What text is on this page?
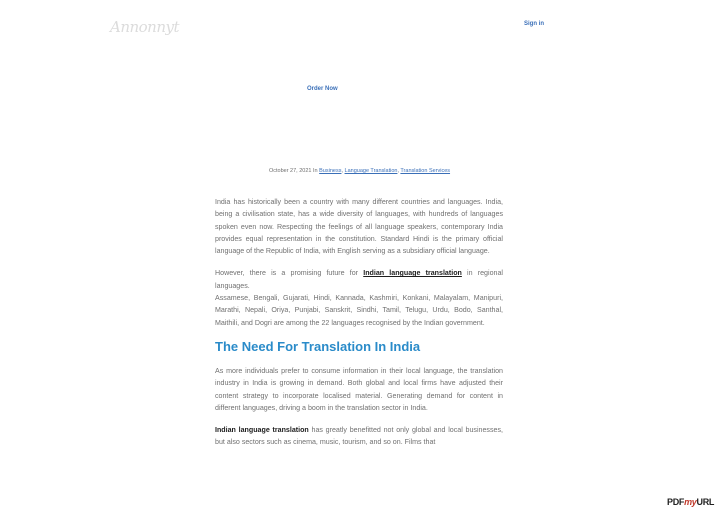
Annonnyt	Sign in
Order Now
October 27, 2021 In Business, Language Translation, Translation Services

India has historically been a country with many different countries and languages. India, being a civilisation state, has a wide diversity of languages, with hundreds of languages spoken even now. Respecting the feelings of all language speakers, contemporary India provides equal representation in the constitution. Standard Hindi is the primary official language of the Republic of India, with English serving as a subsidiary official language.

However, there is a promising future for Indian language translation in regional languages.

Assamese, Bengali, Gujarati, Hindi, Kannada, Kashmiri, Konkani, Malayalam, Manipuri, Marathi, Nepali, Oriya, Punjabi, Sanskrit, Sindhi, Tamil, Telugu, Urdu, Bodo, Santhal, Maithili, and Dogri are among the 22 languages recognised by the Indian government.

The Need For Translation In India

As more individuals prefer to consume information in their local language, the translation industry in India is growing in demand. Both global and local firms have adjusted their content strategy to incorporate localised material. Generating demand for content in different languages, driving a boom in the translation sector in India.

Indian language translation has greatly benefitted not only global and local businesses, but also sectors such as cinema, music, tourism, and so on. Films that

PDFmyURL
